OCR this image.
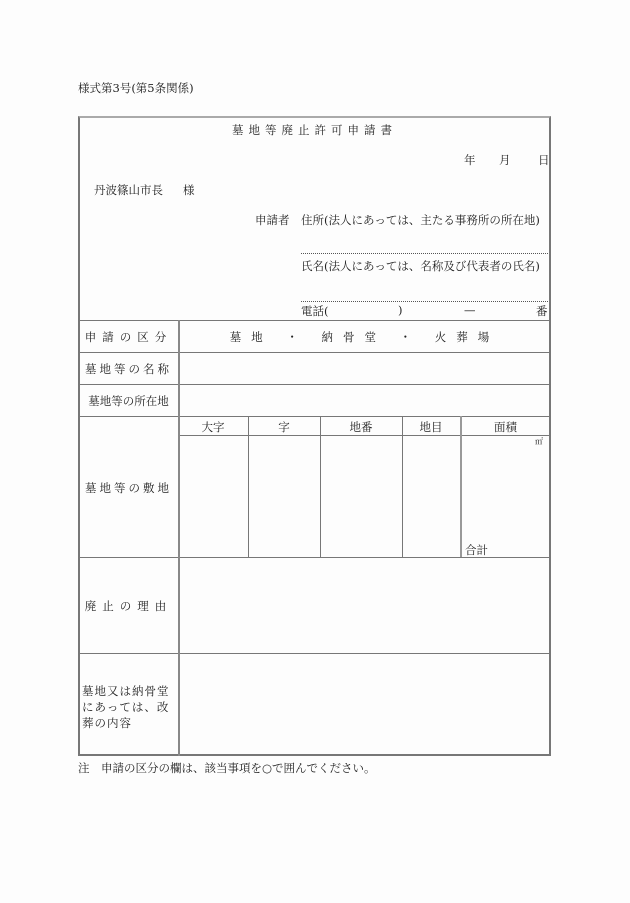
様式第3号(第5条関係)
墓地等廃止許可申請書
年 月 日
丹波篠山市長 様
申請者 住所(法人にあっては、主たる事務所の所在地)
氏名(法人にあっては、名称及び代表者の氏名)
電話(	)	—	番
申請の区分	墓地 ・ 納骨堂 ・ 火葬場
墓地等の名称
墓地等の所在地
墓地等の敷地
大字	字	地番	地目	面積
㎡
合計
廃止の理由
墓地又は納骨堂にあっては、改葬の内容
注　申請の区分の欄は、該当事項を○で囲んでください。
